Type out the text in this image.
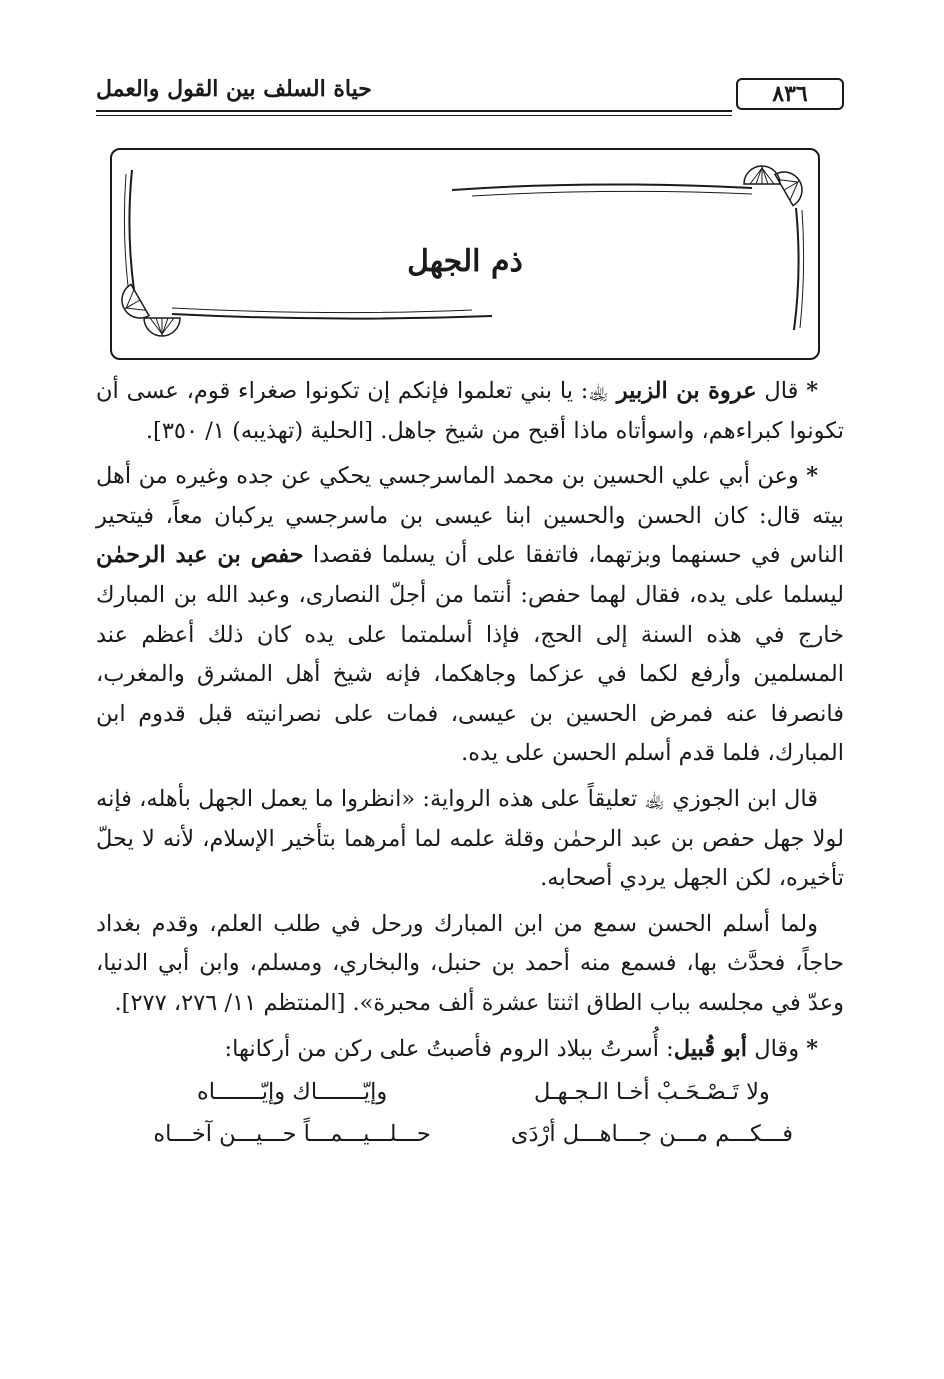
٨٣٦
حياة السلف بين القول والعمل
ذم الجهل

* قال عروة بن الزبير ﵀: يا بني تعلموا فإنكم إن تكونوا صغراء قوم، عسى أن تكونوا كبراءهم، واسوأتاه ماذا أقبح من شيخ جاهل. [الحلية (تهذيبه) ١/ ٣٥٠].

* وعن أبي علي الحسين بن محمد الماسرجسي يحكي عن جده وغيره من أهل بيته قال: كان الحسن والحسين ابنا عيسى بن ماسرجسي يركبان معاً، فيتحير الناس في حسنهما وبزتهما، فاتفقا على أن يسلما فقصدا حفص بن عبد الرحمٰن ليسلما على يده، فقال لهما حفص: أنتما من أجلّ النصارى، وعبد الله بن المبارك خارج في هذه السنة إلى الحج، فإذا أسلمتما على يده كان ذلك أعظم عند المسلمين وأرفع لكما في عزكما وجاهكما، فإنه شيخ أهل المشرق والمغرب، فانصرفا عنه فمرض الحسين بن عيسى، فمات على نصرانيته قبل قدوم ابن المبارك، فلما قدم أسلم الحسن على يده.

قال ابن الجوزي ﵀ تعليقاً على هذه الرواية: «انظروا ما يعمل الجهل بأهله، فإنه لولا جهل حفص بن عبد الرحمٰن وقلة علمه لما أمرهما بتأخير الإسلام، لأنه لا يحلّ تأخيره، لكن الجهل يردي أصحابه.

ولما أسلم الحسن سمع من ابن المبارك ورحل في طلب العلم، وقدم بغداد حاجاً، فحدَّث بها، فسمع منه أحمد بن حنبل، والبخاري، ومسلم، وابن أبي الدنيا، وعدّ في مجلسه بباب الطاق اثنتا عشرة ألف محبرة». [المنتظم ١١/ ٢٧٦، ٢٧٧].

* وقال أبو قُبيل: أُسرتُ ببلاد الروم فأصبتُ على ركن من أركانها:

ولا تَـصْـحَـبْ أخـا الـجـهـل
وإيّـــــــاك وإيّـــــــاه
فـــكـــم مـــن جـــاهـــل أرْدَى
حـــلـــيـــمـــاً حـــيـــن آخـــاه
